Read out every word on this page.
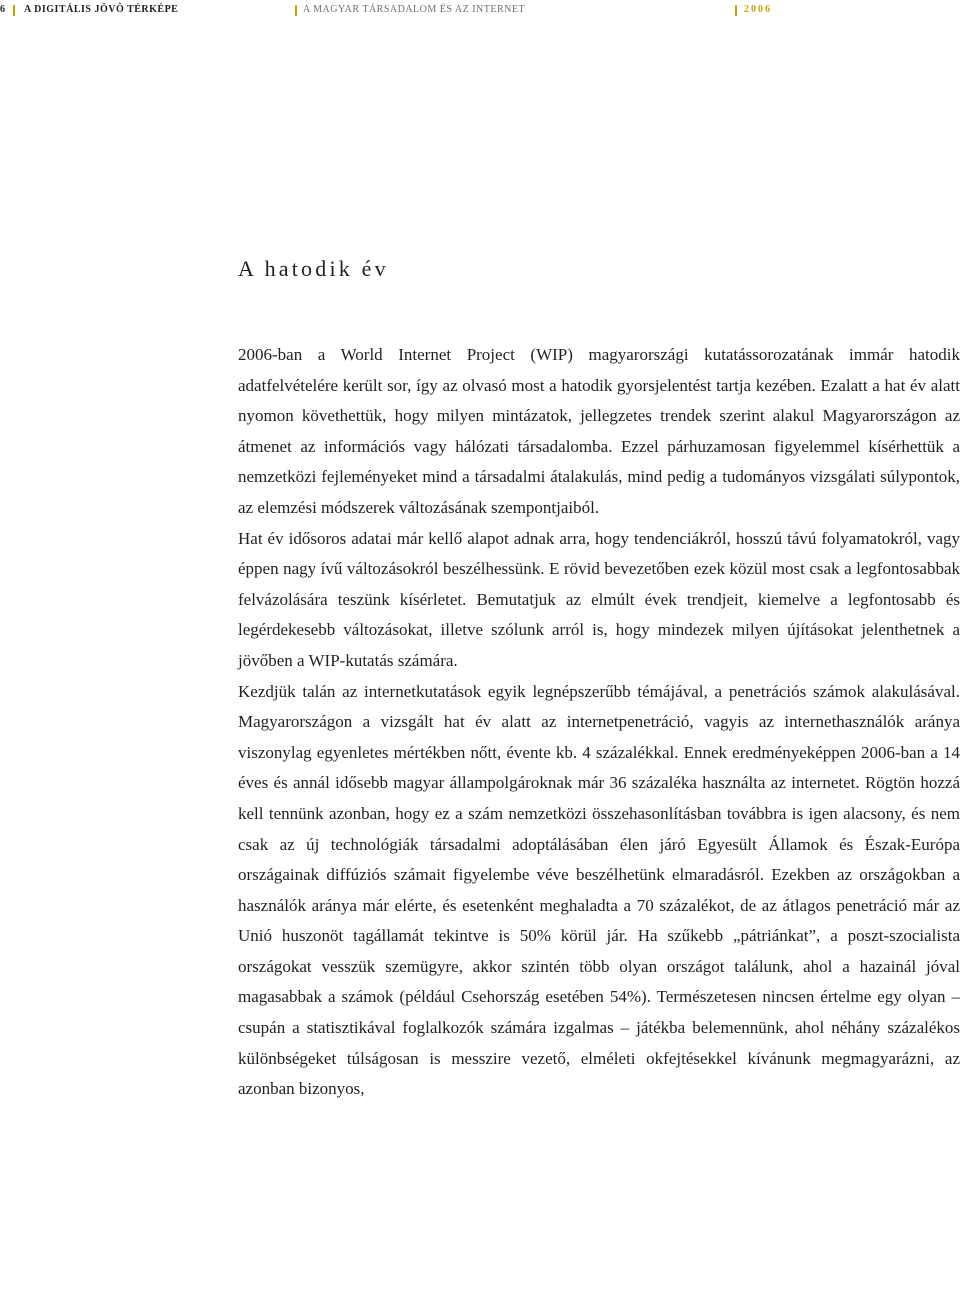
6 A DIGITÁLIS JÖVÔ TÉRKÉPE	A MAGYAR TÁRSADALOM ÉS AZ INTERNET	2006
A hatodik év

2006-ban a World Internet Project (WIP) magyarországi kutatássorozatának immár hatodik adatfelvételére került sor, így az olvasó most a hatodik gyorsjelentést tartja kezében. Ezalatt a hat év alatt nyomon követhettük, hogy milyen mintázatok, jellegzetes trendek szerint alakul Magyarországon az átmenet az információs vagy hálózati társadalomba. Ezzel párhuzamosan figyelemmel kísérhettük a nemzetközi fejleményeket mind a társadalmi átalakulás, mind pedig a tudományos vizsgálati súlypontok, az elemzési módszerek változásának szempontjaiból.

Hat év idősoros adatai már kellő alapot adnak arra, hogy tendenciákról, hosszú távú folyamatokról, vagy éppen nagy ívű változásokról beszélhessünk. E rövid bevezetőben ezek közül most csak a legfontosabbak felvázolására teszünk kísérletet. Bemutatjuk az elmúlt évek trendjeit, kiemelve a legfontosabb és legérdekesebb változásokat, illetve szólunk arról is, hogy mindezek milyen újításokat jelenthetnek a jövőben a WIP-kutatás számára.

Kezdjük talán az internetkutatások egyik legnépszerűbb témájával, a penetrációs számok alakulásával. Magyarországon a vizsgált hat év alatt az internetpenetráció, vagyis az internethasználók aránya viszonylag egyenletes mértékben nőtt, évente kb. 4 százalékkal. Ennek eredményeképpen 2006-ban a 14 éves és annál idősebb magyar állampolgároknak már 36 százaléka használta az internetet. Rögtön hozzá kell tennünk azonban, hogy ez a szám nemzetközi összehasonlításban továbbra is igen alacsony, és nem csak az új technológiák társadalmi adoptálásában élen járó Egyesült Államok és Észak-Európa országainak diffúziós számait figyelembe véve beszélhetünk elmaradásról. Ezekben az országokban a használók aránya már elérte, és esetenként meghaladta a 70 százalékot, de az átlagos penetráció már az Unió huszonöt tagállamát tekintve is 50% körül jár. Ha szűkebb „pátriánkat”, a poszt-szocialista országokat vesszük szemügyre, akkor szintén több olyan országot találunk, ahol a hazainál jóval magasabbak a számok (például Csehország esetében 54%). Természetesen nincsen értelme egy olyan – csupán a statisztikával foglalkozók számára izgalmas – játékba belemennünk, ahol néhány százalékos különbségeket túlságosan is messzire vezető, elméleti okfejtésekkel kívánunk megmagyarázni, az azonban bizonyos,
